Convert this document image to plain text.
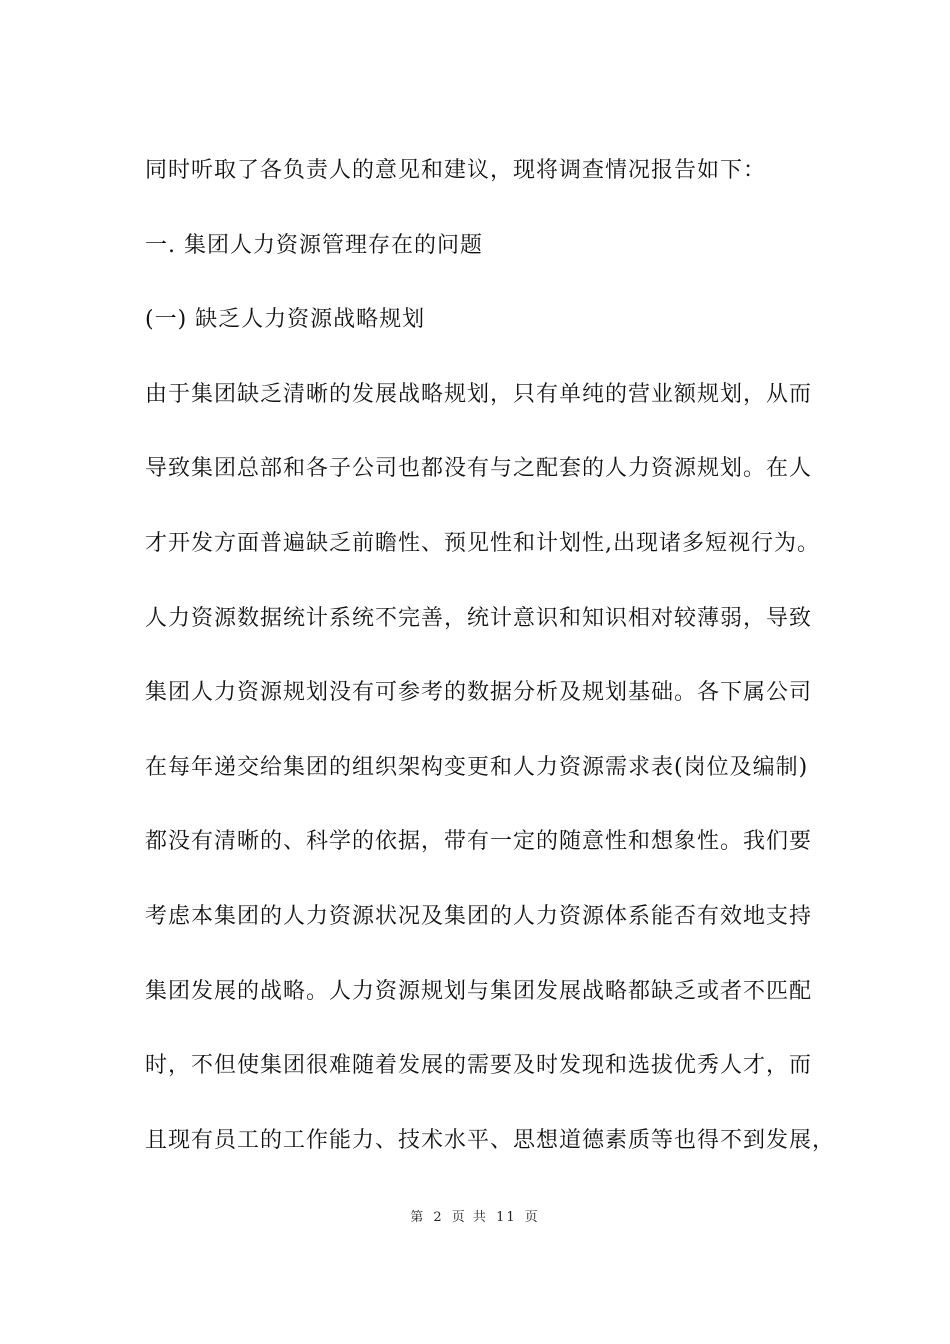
同时听取了各负责人的意见和建议，现将调查情况报告如下：
一. 集团人力资源管理存在的问题
(一) 缺乏人力资源战略规划
由于集团缺乏清晰的发展战略规划，只有单纯的营业额规划，从而
导致集团总部和各子公司也都没有与之配套的人力资源规划。在人
才开发方面普遍缺乏前瞻性、预见性和计划性,出现诸多短视行为。
人力资源数据统计系统不完善，统计意识和知识相对较薄弱，导致
集团人力资源规划没有可参考的数据分析及规划基础。各下属公司
在每年递交给集团的组织架构变更和人力资源需求表(岗位及编制)
都没有清晰的、科学的依据，带有一定的随意性和想象性。我们要
考虑本集团的人力资源状况及集团的人力资源体系能否有效地支持
集团发展的战略。人力资源规划与集团发展战略都缺乏或者不匹配
时，不但使集团很难随着发展的需要及时发现和选拔优秀人才，而
且现有员工的工作能力、技术水平、思想道德素质等也得不到发展，
第 2 页 共 11 页
